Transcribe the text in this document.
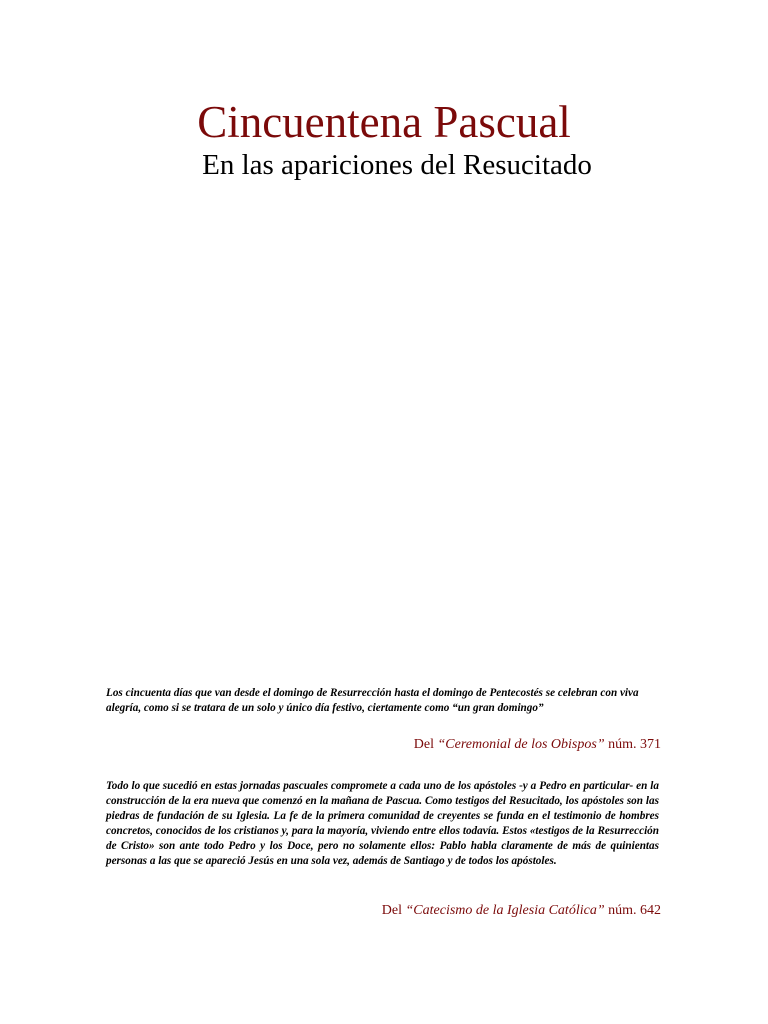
Cincuentena Pascual
En las apariciones del Resucitado

Los cincuenta días que van desde el domingo de Resurrección hasta el domingo de Pentecostés se celebran con viva alegría, como si se tratara de un solo y único día festivo, ciertamente como “un gran domingo”

Del “Ceremonial de los Obispos” núm. 371

Todo lo que sucedió en estas jornadas pascuales compromete a cada uno de los apóstoles -y a Pedro en particular- en la construcción de la era nueva que comenzó en la mañana de Pascua. Como testigos del Resucitado, los apóstoles son las piedras de fundación de su Iglesia. La fe de la primera comunidad de creyentes se funda en el testimonio de hombres concretos, conocidos de los cristianos y, para la mayoría, viviendo entre ellos todavía. Estos «testigos de la Resurrección de Cristo» son ante todo Pedro y los Doce, pero no solamente ellos: Pablo habla claramente de más de quinientas personas a las que se apareció Jesús en una sola vez, además de Santiago y de todos los apóstoles.

Del “Catecismo de la Iglesia Católica” núm. 642
